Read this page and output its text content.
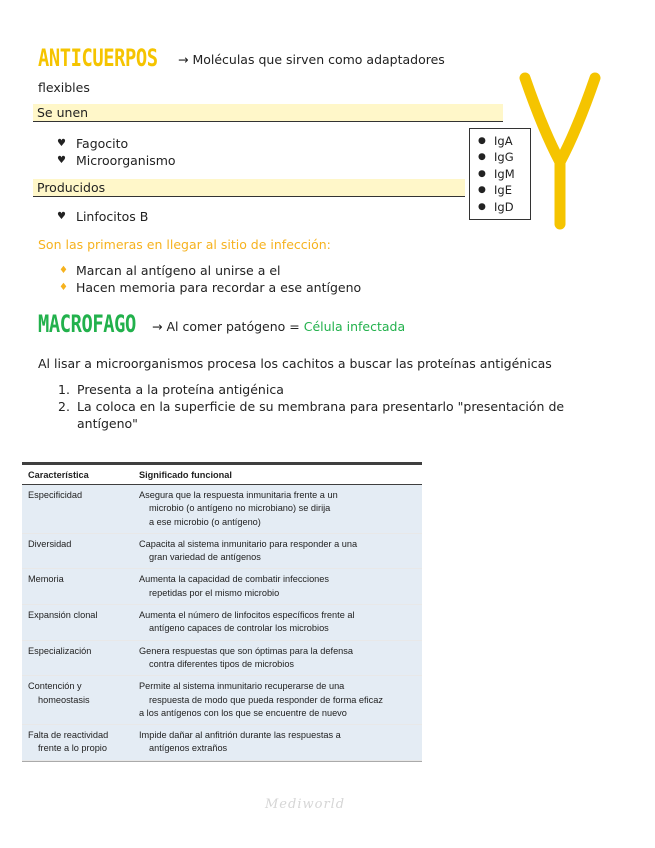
ANTICUERPOS → Moléculas que sirven como adaptadores
flexibles
Se unen
♥ Fagocito
♥ Microorganismo
Producidos
♥ Linfocitos B
● IgA
● IgG
● IgM
● IgE
● IgD
Son las primeras en llegar al sitio de infección:
♦ Marcan al antígeno al unirse a el
♦ Hacen memoria para recordar a ese antígeno
MACROFAGO → Al comer patógeno = Célula infectada
Al lisar a microorganismos procesa los cachitos a buscar las proteínas antigénicas
1. Presenta a la proteína antigénica
2. La coloca en la superficie de su membrana para presentarlo "presentación de antígeno"
Característica	Significado funcional
Especificidad	Asegura que la respuesta inmunitaria frente a un
microbio (o antígeno no microbiano) se dirija
a ese microbio (o antígeno)

Diversidad	Capacita al sistema inmunitario para responder a una
gran variedad de antígenos

Memoria	Aumenta la capacidad de combatir infecciones
repetidas por el mismo microbio

Expansión clonal	Aumenta el número de linfocitos específicos frente al
antígeno capaces de controlar los microbios

Especialización	Genera respuestas que son óptimas para la defensa
contra diferentes tipos de microbios

Contención y
homeostasis	Permite al sistema inmunitario recuperarse de una
respuesta de modo que pueda responder de forma eficaz
a los antígenos con los que se encuentre de nuevo

Falta de reactividad
frente a lo propio	Impide dañar al anfitrión durante las respuestas a
antígenos extraños
Mediworld
